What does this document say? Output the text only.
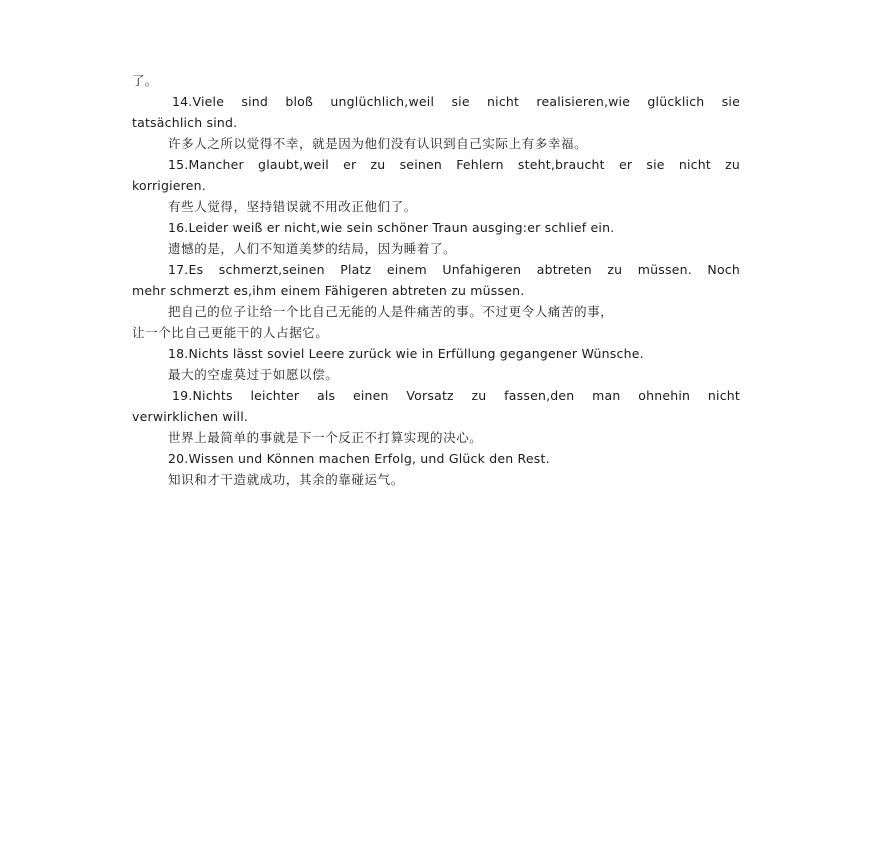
了。
14.Viele sind bloß unglüchlich,weil sie nicht realisieren,wie glücklich sie
tatsächlich sind.
许多人之所以觉得不幸，就是因为他们没有认识到自己实际上有多幸福。
15.Mancher glaubt,weil er zu seinen Fehlern steht,braucht er sie nicht zu
korrigieren.
有些人觉得，坚持错误就不用改正他们了。
16.Leider weiß er nicht,wie sein schöner Traun ausging:er schlief ein.
遗憾的是，人们不知道美梦的结局，因为睡着了。
17.Es schmerzt,seinen Platz einem Unfahigeren abtreten zu müssen. Noch
mehr schmerzt es,ihm einem Fähigeren abtreten zu müssen.
把自己的位子让给一个比自己无能的人是件痛苦的事。不过更令人痛苦的事，
让一个比自己更能干的人占据它。
18.Nichts lässt soviel Leere zurück wie in Erfüllung gegangener Wünsche.
最大的空虚莫过于如愿以偿。
19.Nichts leichter als einen Vorsatz zu fassen,den man ohnehin nicht
verwirklichen will.
世界上最简单的事就是下一个反正不打算实现的决心。
20.Wissen und Können machen Erfolg, und Glück den Rest.
知识和才干造就成功，其余的靠碰运气。
